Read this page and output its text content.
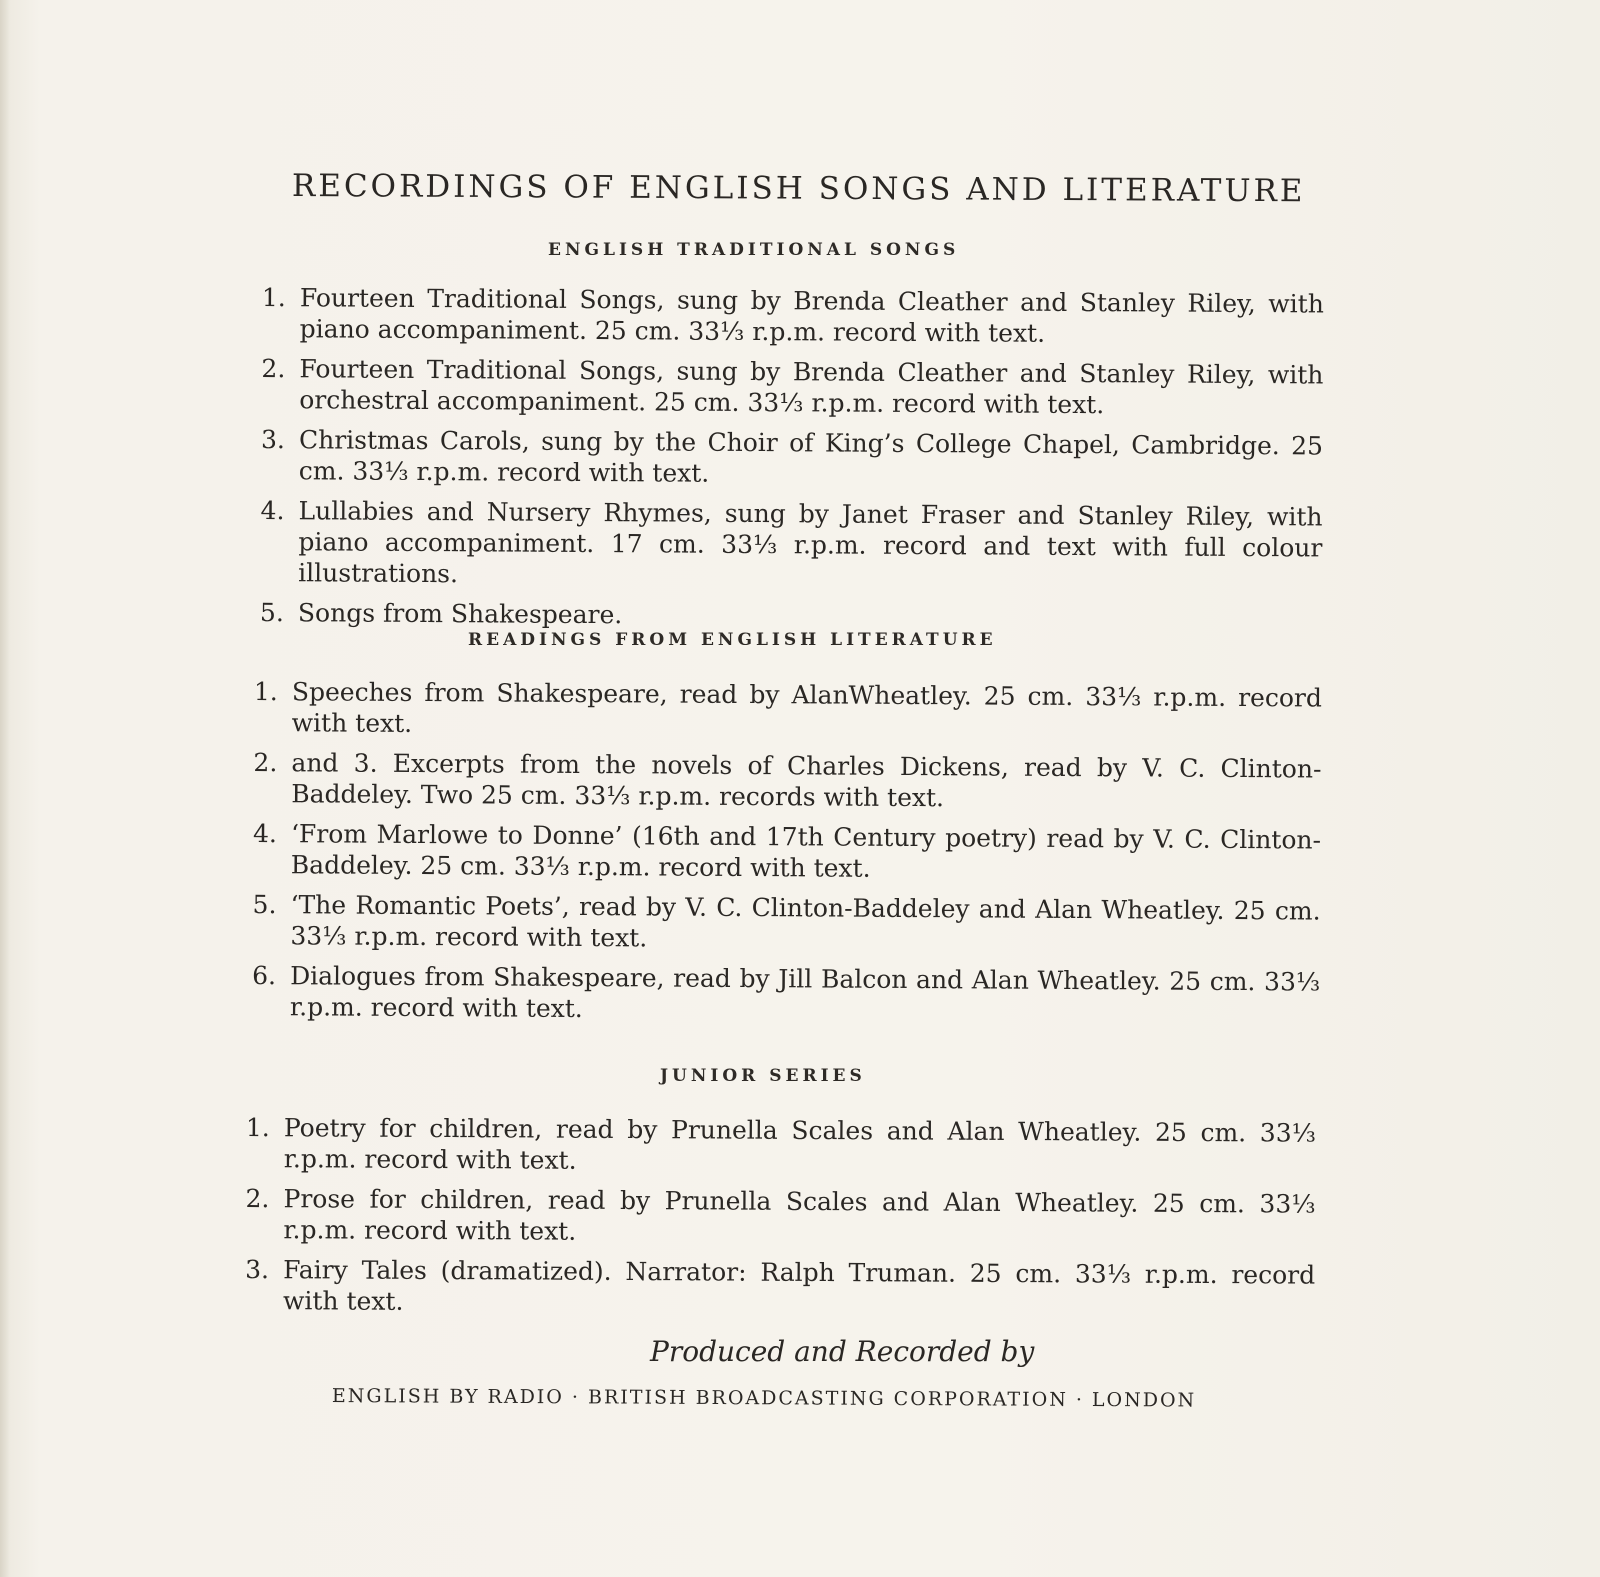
RECORDINGS OF ENGLISH SONGS AND LITERATURE
ENGLISH TRADITIONAL SONGS
1. Fourteen Traditional Songs, sung by Brenda Cleather and Stanley Riley, with piano accompaniment. 25 cm. 33⅓ r.p.m. record with text.
2. Fourteen Traditional Songs, sung by Brenda Cleather and Stanley Riley, with orchestral accompaniment. 25 cm. 33⅓ r.p.m. record with text.
3. Christmas Carols, sung by the Choir of King’s College Chapel, Cambridge. 25 cm. 33⅓ r.p.m. record with text.
4. Lullabies and Nursery Rhymes, sung by Janet Fraser and Stanley Riley, with piano accompaniment. 17 cm. 33⅓ r.p.m. record and text with full colour illustrations.
5. Songs from Shakespeare.
READINGS FROM ENGLISH LITERATURE
1. Speeches from Shakespeare, read by AlanWheatley. 25 cm. 33⅓ r.p.m. record with text.
2. and 3. Excerpts from the novels of Charles Dickens, read by V. C. Clinton-Baddeley. Two 25 cm. 33⅓ r.p.m. records with text.
4. ‘From Marlowe to Donne’ (16th and 17th Century poetry) read by V. C. Clinton-Baddeley. 25 cm. 33⅓ r.p.m. record with text.
5. ‘The Romantic Poets’, read by V. C. Clinton-Baddeley and Alan Wheatley. 25 cm. 33⅓ r.p.m. record with text.
6. Dialogues from Shakespeare, read by Jill Balcon and Alan Wheatley. 25 cm. 33⅓ r.p.m. record with text.
JUNIOR SERIES
1. Poetry for children, read by Prunella Scales and Alan Wheatley. 25 cm. 33⅓ r.p.m. record with text.
2. Prose for children, read by Prunella Scales and Alan Wheatley. 25 cm. 33⅓ r.p.m. record with text.
3. Fairy Tales (dramatized). Narrator: Ralph Truman. 25 cm. 33⅓ r.p.m. record with text.
Produced and Recorded by
ENGLISH BY RADIO · BRITISH BROADCASTING CORPORATION · LONDON
